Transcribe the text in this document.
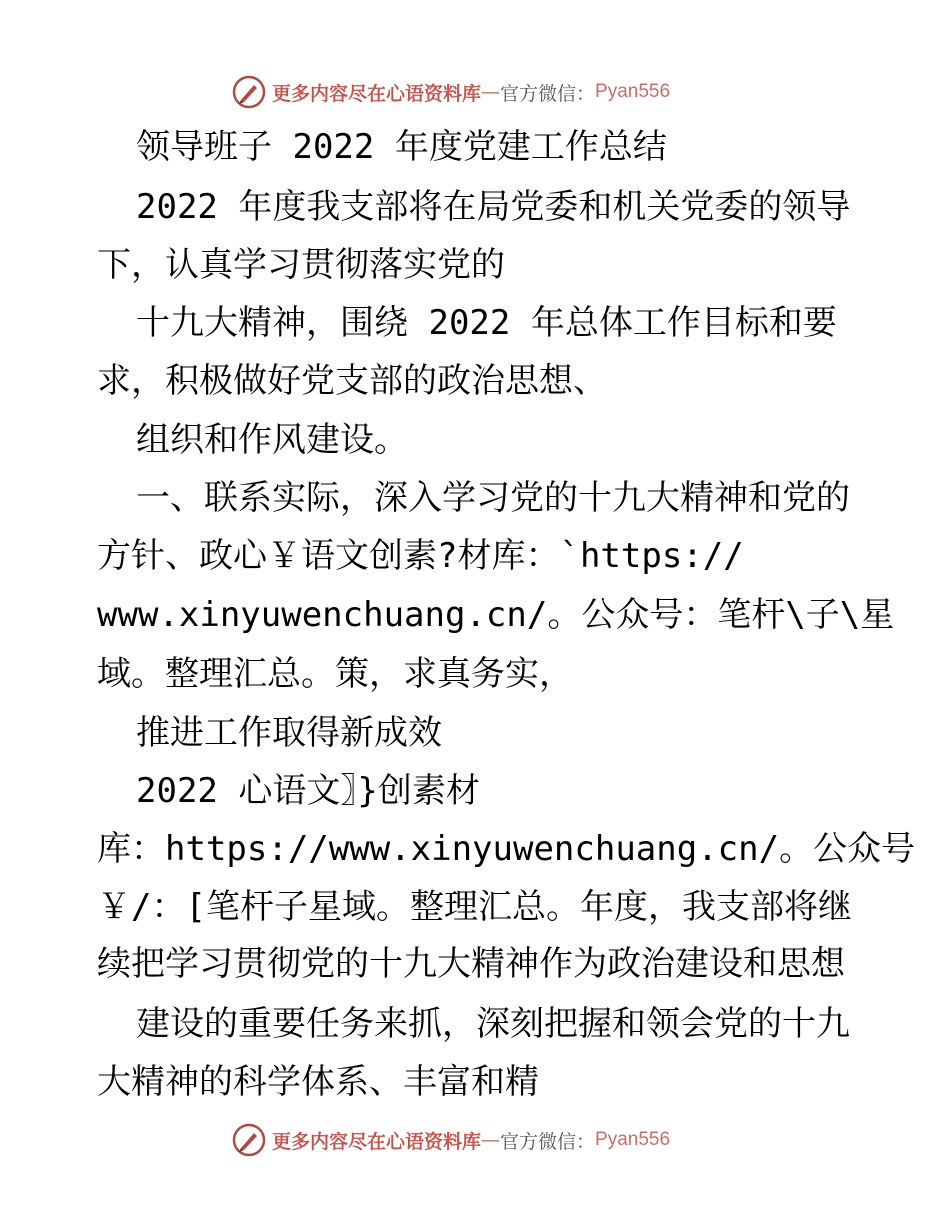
更多内容尽在心语资料库 — 官方微信： Pyan556
领导班子 2022 年度党建工作总结
2022 年度我支部将在局党委和机关党委的领导
下，认真学习贯彻落实党的
十九大精神，围绕 2022 年总体工作目标和要
求，积极做好党支部的政治思想、
组织和作风建设。
一、联系实际，深入学习党的十九大精神和党的
方针、政心￥语文创素?材库：`https://
www.xinyuwenchuang.cn/。公众号：笔杆\子\星
域。整理汇总。策，求真务实，
推进工作取得新成效
2022 心语文〗}创素材
库：https://www.xinyuwenchuang.cn/。公众号
￥/：[笔杆子星域。整理汇总。年度，我支部将继
续把学习贯彻党的十九大精神作为政治建设和思想
建设的重要任务来抓，深刻把握和领会党的十九
大精神的科学体系、丰富和精
更多内容尽在心语资料库 — 官方微信： Pyan556
